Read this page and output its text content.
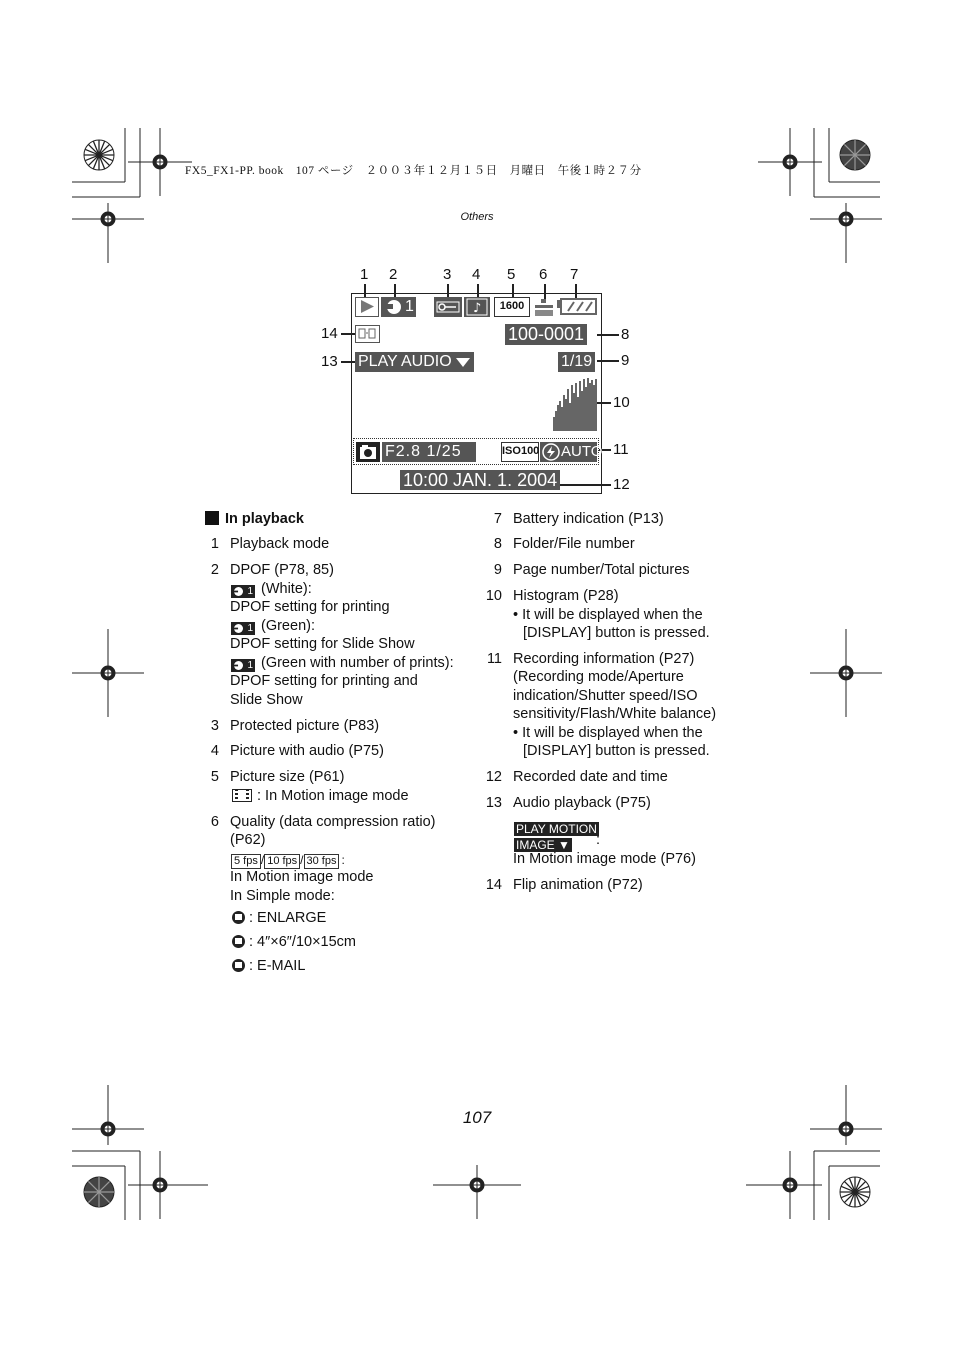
FX5_FX1-PP. book　107 ページ　２００３年１２月１５日　月曜日　午後１時２７分
Others
1 2	3 4 5 6 7
8
9
10
11
12
13
14
1	♪	1600
100-0001
PLAY AUDIO	1/19
F2.8 1/25	ISO100 AUTO
10:00 JAN. 1. 2004
In playback
1 Playback mode
2 DPOF (P78, 85)
1 (White):
DPOF setting for printing
1 (Green):
DPOF setting for Slide Show
1 (Green with number of prints):
DPOF setting for printing and
Slide Show
3 Protected picture (P83)
4 Picture with audio (P75)
5 Picture size (P61)
: In Motion image mode
6 Quality (data compression ratio)
(P62)
5 fps / 10 fps / 30 fps :
In Motion image mode
In Simple mode:
: ENLARGE
: 4″×6″/10×15cm
: E-MAIL
7 Battery indication (P13)
8 Folder/File number
9 Page number/Total pictures
10 Histogram (P28)
• It will be displayed when the
[DISPLAY] button is pressed.
11 Recording information (P27)
(Recording mode/Aperture
indication/Shutter speed/ISO
sensitivity/Flash/White balance)
• It will be displayed when the
[DISPLAY] button is pressed.
12 Recorded date and time
13 Audio playback (P75)
PLAY MOTION
IMAGE ▼ :
In Motion image mode (P76)
14 Flip animation (P72)
107
